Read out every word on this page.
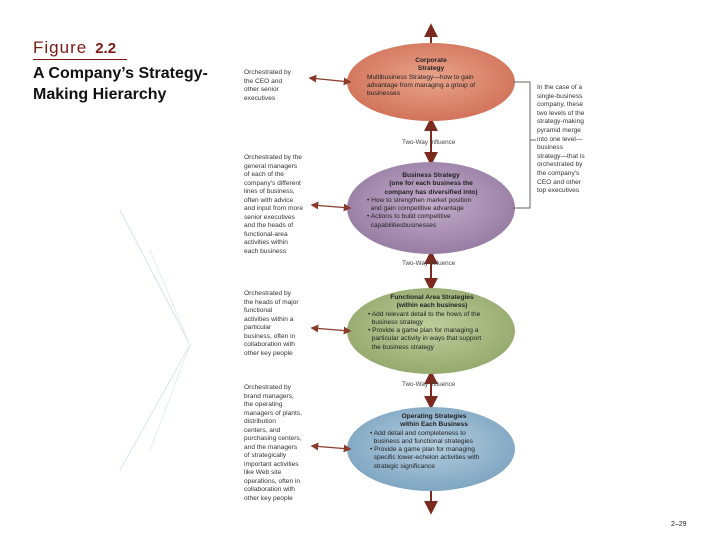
Figure 2.2
A Company’s Strategy-
Making Hierarchy
Orchestrated by
the CEO and
other senior
executives
Orchestrated by the
general managers
of each of the
company's different
lines of business,
often with advice
and input from more
senior executives
and the heads of
functional-area
activities within
each business
Orchestrated by
the heads of major
functional
activities within a
particular
business, often in
collaboration with
other key people
Orchestrated by
brand managers,
the operating
managers of plants,
distribution
centers, and
purchasing centers,
and the managers
of strategically
important activities
like Web site
operations, often in
collaboration with
other key people
Corporate
Strategy
Multibusiness Strategy—how to gain
advantage from managing a group of
businesses
Business Strategy
(one for each business the
company has diversified into)
• How to strengthen market position
and gain competitive advantage
• Actions to build competitive
capabilitiesbusinesses
Functional Area Strategies
(within each business)
• Add relevant detail to the hows of the
business strategy
• Provide a game plan for managing a
particular activity in ways that support
the business strategy
Operating Strategies
within Each Business
• Add detail and completeness to
business and functional strategies
• Provide a game plan for managing
specific lower-echelon activities with
strategic significance
Two-Way Influence
Two-Way Influence
Two-Way Influence
In the case of a
single-business
company, these
two levels of the
strategy-making
pyramid merge
into one level—
business
strategy—that is
orchestrated by
the company's
CEO and other
top executives
2–29
